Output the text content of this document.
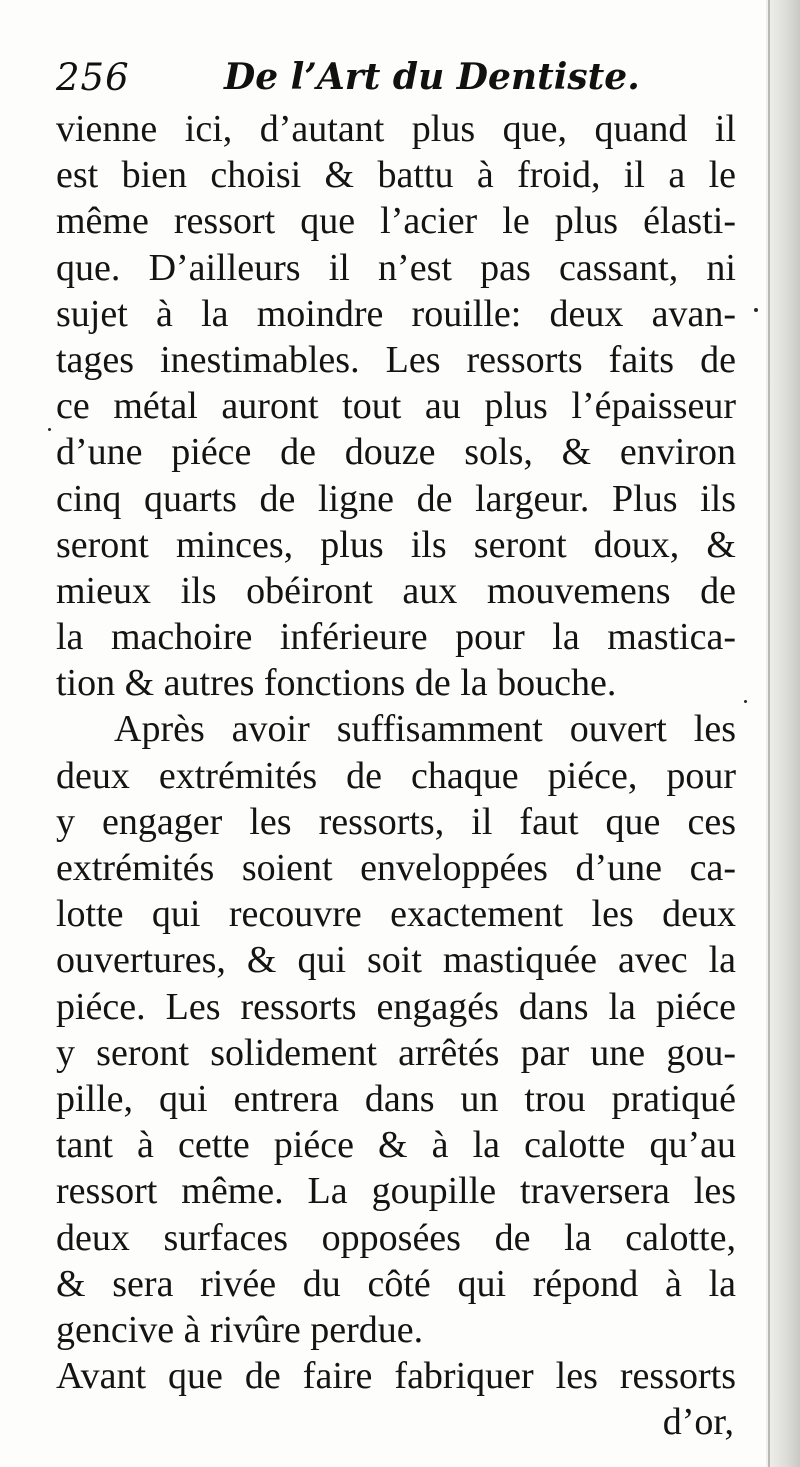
256	De l’Art du Dentiste.
vienne ici, d’autant plus que, quand il
est bien choisi & battu à froid, il a le
même ressort que l’acier le plus élasti-
que. D’ailleurs il n’est pas cassant, ni
sujet à la moindre rouille: deux avan-
tages inestimables. Les ressorts faits de
ce métal auront tout au plus l’épaisseur
d’une piéce de douze sols, & environ
cinq quarts de ligne de largeur. Plus ils
seront minces, plus ils seront doux, &
mieux ils obéiront aux mouvemens de
la machoire inférieure pour la mastica-
tion & autres fonctions de la bouche.
Après avoir suffisamment ouvert les
deux extrémités de chaque piéce, pour
y engager les ressorts, il faut que ces
extrémités soient enveloppées d’une ca-
lotte qui recouvre exactement les deux
ouvertures, & qui soit mastiquée avec la
piéce. Les ressorts engagés dans la piéce
y seront solidement arrêtés par une gou-
pille, qui entrera dans un trou pratiqué
tant à cette piéce & à la calotte qu’au
ressort même. La goupille traversera les
deux surfaces opposées de la calotte,
& sera rivée du côté qui répond à la
gencive à rivûre perdue.
Avant que de faire fabriquer les ressorts
d’or,
